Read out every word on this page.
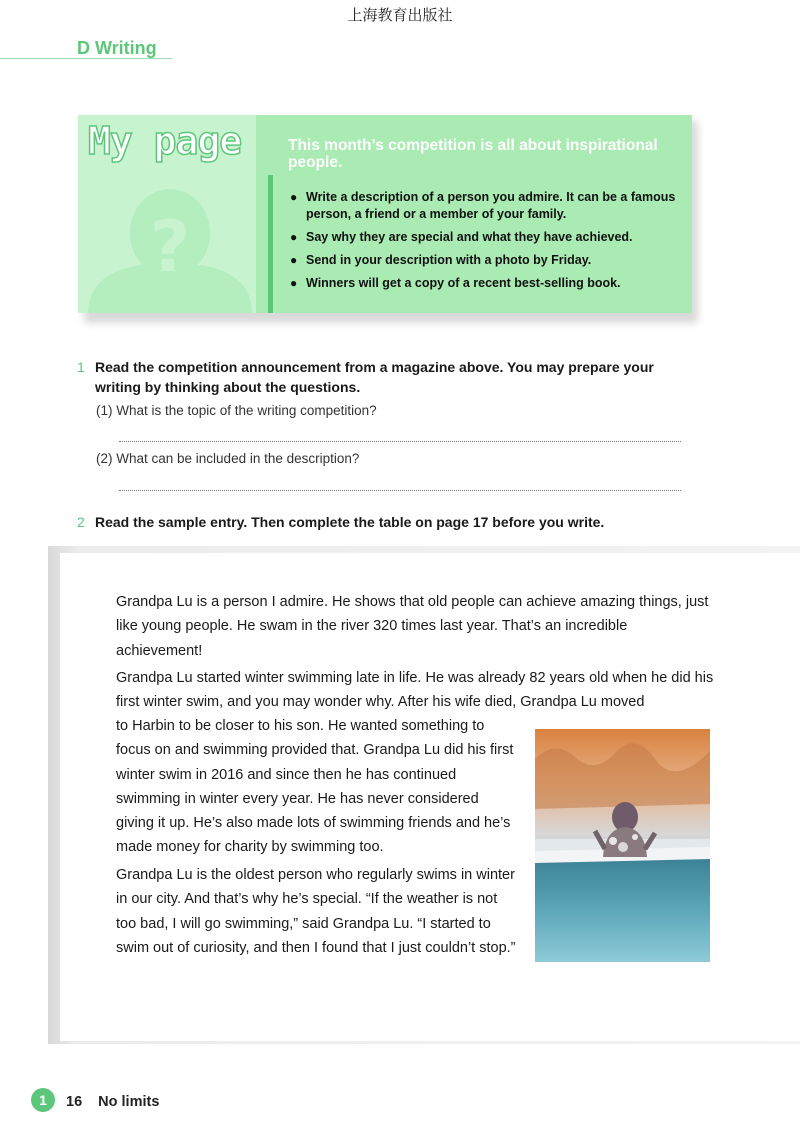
上海教育出版社
D Writing
My page
?
This month’s competition is all about inspirational people.
● Write a description of a person you admire. It can be a famous person, a friend or a member of your family.
● Say why they are special and what they have achieved.
● Send in your description with a photo by Friday.
● Winners will get a copy of a recent best-selling book.
1 Read the competition announcement from a magazine above. You may prepare your writing by thinking about the questions.
(1) What is the topic of the writing competition?
(2) What can be included in the description?
2 Read the sample entry. Then complete the table on page 17 before you write.
Grandpa Lu is a person I admire. He shows that old people can achieve amazing things, just like young people. He swam in the river 320 times last year. That’s an incredible achievement!
Grandpa Lu started winter swimming late in life. He was already 82 years old when he did his first winter swim, and you may wonder why. After his wife died, Grandpa Lu moved
to Harbin to be closer to his son. He wanted something to focus on and swimming provided that. Grandpa Lu did his first winter swim in 2016 and since then he has continued swimming in winter every year. He has never considered giving it up. He’s also made lots of swimming friends and he’s made money for charity by swimming too.
Grandpa Lu is the oldest person who regularly swims in winter in our city. And that’s why he’s special. “If the weather is not too bad, I will go swimming,” said Grandpa Lu. “I started to swim out of curiosity, and then I found that I just couldn’t stop.”
1	16 No limits
